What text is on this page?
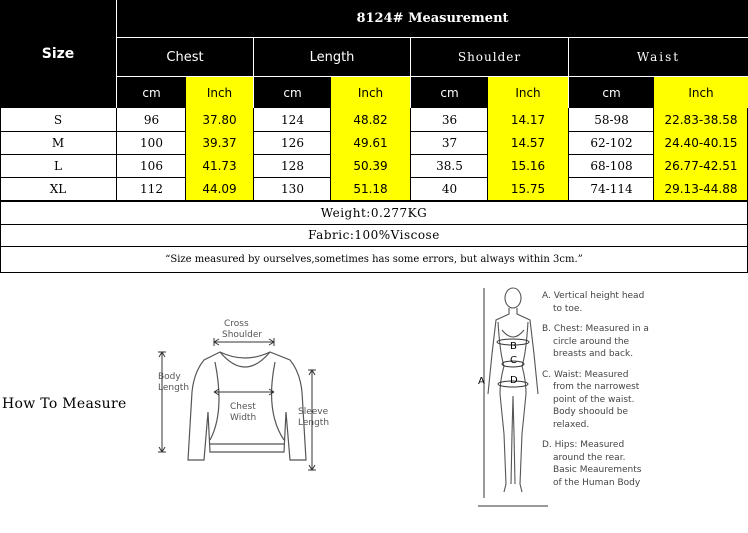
Size
8124# Measurement
Chest	Length	Shoulder	Waist
cm	Inch	cm	Inch	cm	Inch	cm	Inch
S	96	37.80	124	48.82	36	14.17	58-98	22.83-38.58
M	100	39.37	126	49.61	37	14.57	62-102	24.40-40.15
L	106	41.73	128	50.39	38.5	15.16	68-108	26.77-42.51
XL	112	44.09	130	51.18	40	15.75	74-114	29.13-44.88
Weight:0.277KG
Fabric:100%Viscose
“Size measured by ourselves,sometimes has some errors, but always within 3cm.”
How To Measure
Cross
Shoulder
Body
Length
Chest
Width
Sleeve
Length
B
C
D
A
A. Vertical height head
to toe.
B. Chest: Measured in a
circle around the
breasts and back.
C. Waist: Measured
from the narrowest
point of the waist.
Body shoould be
relaxed.
D. Hips: Measured
around the rear.
Basic Meaurements
of the Human Body
